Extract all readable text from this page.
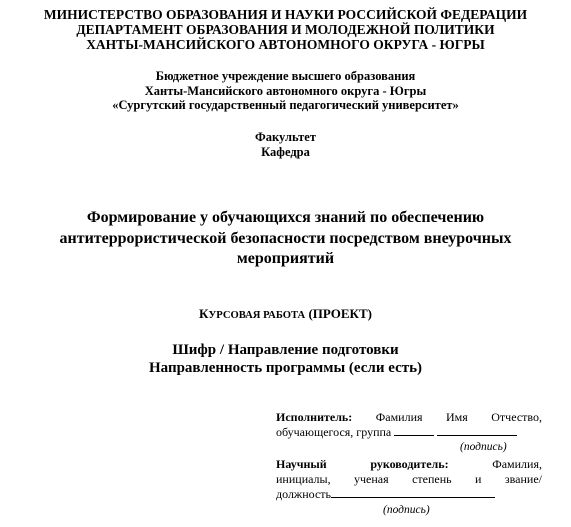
МИНИСТЕРСТВО ОБРАЗОВАНИЯ И НАУКИ РОССИЙСКОЙ ФЕДЕРАЦИИ
ДЕПАРТАМЕНТ ОБРАЗОВАНИЯ И МОЛОДЕЖНОЙ ПОЛИТИКИ
ХАНТЫ-МАНСИЙСКОГО АВТОНОМНОГО ОКРУГА - ЮГРЫ
Бюджетное учреждение высшего образования
Ханты-Мансийского автономного округа - Югры
«Сургутский государственный педагогический университет»
Факультет
Кафедра
Формирование у обучающихся знаний по обеспечению
антитеррористической безопасности посредством внеурочных
мероприятий
КУРСОВАЯ РАБОТА (ПРОЕКТ)
Шифр / Направление подготовки
Направленность программы (если есть)
Исполнитель: Фамилия Имя Отчество,
обучающегося, группа
(подпись)
Научный	руководитель:	Фамилия,
инициалы, ученая степень и звание/
должность
(подпись)
